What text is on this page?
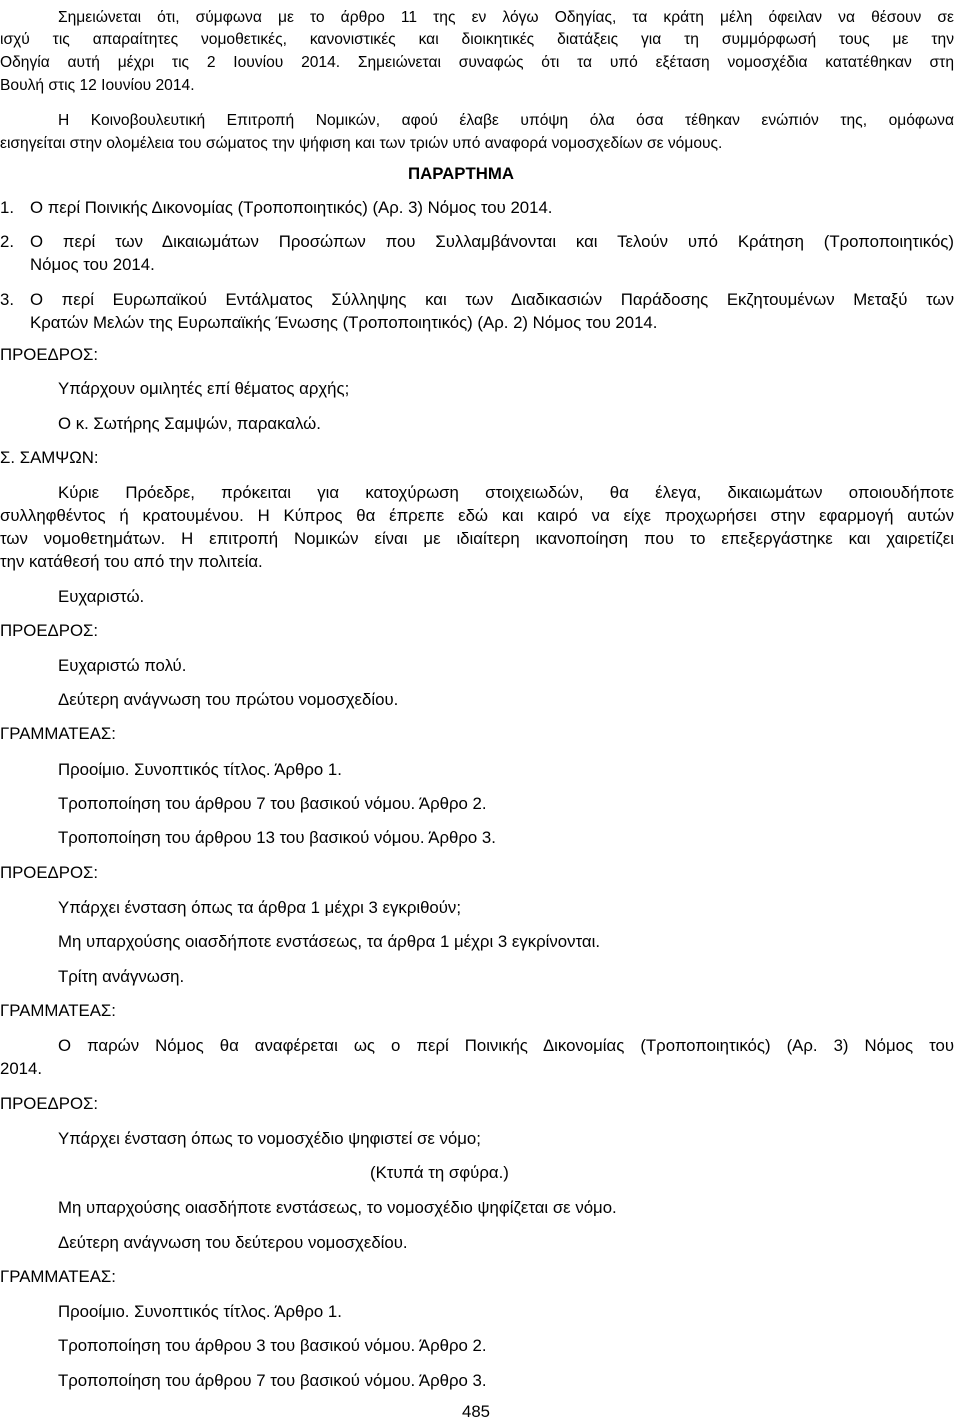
Σημειώνεται ότι, σύμφωνα με το άρθρο 11 της εν λόγω Οδηγίας, τα κράτη μέλη όφειλαν να θέσουν σε
ισχύ τις απαραίτητες νομοθετικές, κανονιστικές και διοικητικές διατάξεις για τη συμμόρφωσή τους με την
Οδηγία αυτή μέχρι τις 2 Ιουνίου 2014. Σημειώνεται συναφώς ότι τα υπό εξέταση νομοσχέδια κατατέθηκαν στη
Βουλή στις 12 Ιουνίου 2014.
Η Κοινοβουλευτική Επιτροπή Νομικών, αφού έλαβε υπόψη όλα όσα τέθηκαν ενώπιόν της, ομόφωνα
εισηγείται στην ολομέλεια του σώματος την ψήφιση και των τριών υπό αναφορά νομοσχεδίων σε νόμους.
ΠΑΡΑΡΤΗΜΑ
1. Ο περί Ποινικής Δικονομίας (Τροποποιητικός) (Αρ. 3) Νόμος του 2014.
2. Ο περί των Δικαιωμάτων Προσώπων που Συλλαμβάνονται και Τελούν υπό Κράτηση (Τροποποιητικός)
Νόμος του 2014.
3. Ο περί Ευρωπαϊκού Εντάλματος Σύλληψης και των Διαδικασιών Παράδοσης Εκζητουμένων Μεταξύ των
Κρατών Μελών της Ευρωπαϊκής Ένωσης (Τροποποιητικός) (Αρ. 2) Νόμος του 2014.
ΠΡΟΕΔΡΟΣ:
Υπάρχουν ομιλητές επί θέματος αρχής;
Ο κ. Σωτήρης Σαμψών, παρακαλώ.
Σ. ΣΑΜΨΩΝ:
Κύριε Πρόεδρε, πρόκειται για κατοχύρωση στοιχειωδών, θα έλεγα, δικαιωμάτων οποιουδήποτε
συλληφθέντος ή κρατουμένου. Η Κύπρος θα έπρεπε εδώ και καιρό να είχε προχωρήσει στην εφαρμογή αυτών
των νομοθετημάτων. Η επιτροπή Νομικών είναι με ιδιαίτερη ικανοποίηση που το επεξεργάστηκε και χαιρετίζει
την κατάθεσή του από την πολιτεία.
Ευχαριστώ.
ΠΡΟΕΔΡΟΣ:
Ευχαριστώ πολύ.
Δεύτερη ανάγνωση του πρώτου νομοσχεδίου.
ΓΡΑΜΜΑΤΕΑΣ:
Προοίμιο. Συνοπτικός τίτλος. Άρθρο 1.
Τροποποίηση του άρθρου 7 του βασικού νόμου. Άρθρο 2.
Τροποποίηση του άρθρου 13 του βασικού νόμου. Άρθρο 3.
ΠΡΟΕΔΡΟΣ:
Υπάρχει ένσταση όπως τα άρθρα 1 μέχρι 3 εγκριθούν;
Μη υπαρχούσης οιασδήποτε ενστάσεως, τα άρθρα 1 μέχρι 3 εγκρίνονται.
Τρίτη ανάγνωση.
ΓΡΑΜΜΑΤΕΑΣ:
Ο παρών Νόμος θα αναφέρεται ως ο περί Ποινικής Δικονομίας (Τροποποιητικός) (Αρ. 3) Νόμος του
2014.
ΠΡΟΕΔΡΟΣ:
Υπάρχει ένσταση όπως το νομοσχέδιο ψηφιστεί σε νόμο;
(Κτυπά τη σφύρα.)
Μη υπαρχούσης οιασδήποτε ενστάσεως, το νομοσχέδιο ψηφίζεται σε νόμο.
Δεύτερη ανάγνωση του δεύτερου νομοσχεδίου.
ΓΡΑΜΜΑΤΕΑΣ:
Προοίμιο. Συνοπτικός τίτλος. Άρθρο 1.
Τροποποίηση του άρθρου 3 του βασικού νόμου. Άρθρο 2.
Τροποποίηση του άρθρου 7 του βασικού νόμου. Άρθρο 3.
485
